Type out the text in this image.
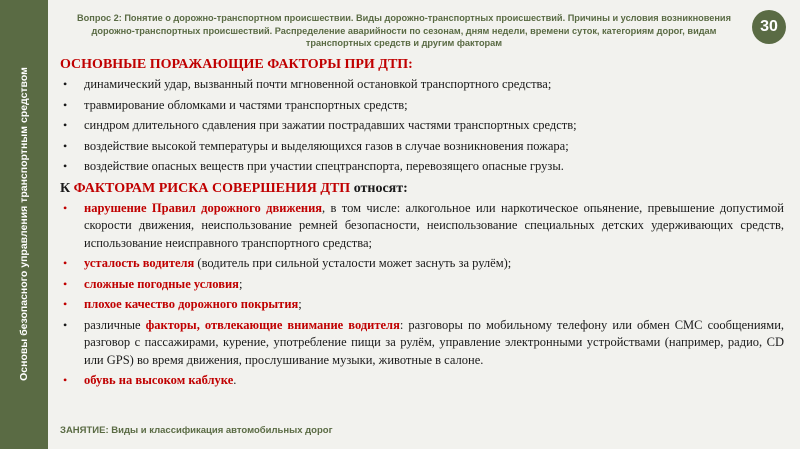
Основы безопасного управления транспортным средством
Вопрос 2: Понятие о дорожно-транспортном происшествии. Виды дорожно-транспортных происшествий. Причины и условия возникновения дорожно-транспортных происшествий. Распределение аварийности по сезонам, дням недели, времени суток, категориям дорог, видам транспортных средств и другим факторам
30
ОСНОВНЫЕ ПОРАЖАЮЩИЕ ФАКТОРЫ ПРИ ДТП:
• динамический удар, вызванный почти мгновенной остановкой транспортного средства;
• травмирование обломками и частями транспортных средств;
• синдром длительного сдавления при зажатии пострадавших частями транспортных средств;
• воздействие высокой температуры и выделяющихся газов в случае возникновения пожара;
• воздействие опасных веществ при участии спецтранспорта, перевозящего опасные грузы.
К ФАКТОРАМ РИСКА СОВЕРШЕНИЯ ДТП относят:
• нарушение Правил дорожного движения, в том числе: алкогольное или наркотическое опьянение, превышение допустимой скорости движения, неиспользование ремней безопасности, неиспользование специальных детских удерживающих средств, использование неисправного транспортного средства;
• усталость водителя (водитель при сильной усталости может заснуть за рулём);
• сложные погодные условия;
• плохое качество дорожного покрытия;
• различные факторы, отвлекающие внимание водителя: разговоры по мобильному телефону или обмен СМС сообщениями, разговор с пассажирами, курение, употребление пищи за рулём, управление электронными устройствами (например, радио, CD или GPS) во время движения, прослушивание музыки, животные в салоне.
• обувь на высоком каблуке.
ЗАНЯТИЕ: Виды и классификация автомобильных дорог
